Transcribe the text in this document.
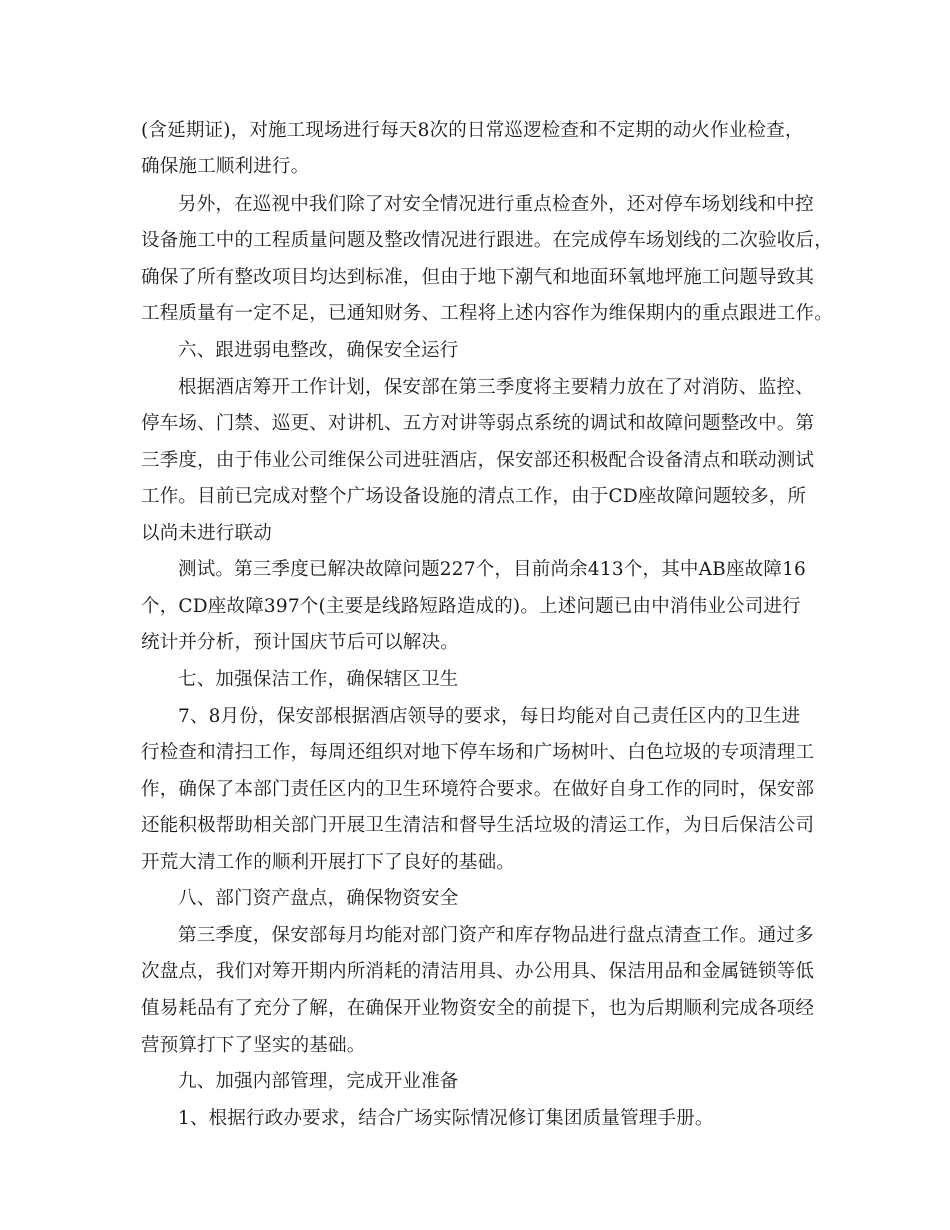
(含延期证)，对施工现场进行每天8次的日常巡逻检查和不定期的动火作业检查，
确保施工顺利进行。
另外，在巡视中我们除了对安全情况进行重点检查外，还对停车场划线和中控
设备施工中的工程质量问题及整改情况进行跟进。在完成停车场划线的二次验收后，
确保了所有整改项目均达到标准，但由于地下潮气和地面环氧地坪施工问题导致其
工程质量有一定不足，已通知财务、工程将上述内容作为维保期内的重点跟进工作。
六、跟进弱电整改，确保安全运行
根据酒店筹开工作计划，保安部在第三季度将主要精力放在了对消防、监控、
停车场、门禁、巡更、对讲机、五方对讲等弱点系统的调试和故障问题整改中。第
三季度，由于伟业公司维保公司进驻酒店，保安部还积极配合设备清点和联动测试
工作。目前已完成对整个广场设备设施的清点工作，由于CD座故障问题较多，所
以尚未进行联动
测试。第三季度已解决故障问题227个，目前尚余413个，其中AB座故障16
个，CD座故障397个(主要是线路短路造成的)。上述问题已由中消伟业公司进行
统计并分析，预计国庆节后可以解决。
七、加强保洁工作，确保辖区卫生
7、8月份，保安部根据酒店领导的要求，每日均能对自己责任区内的卫生进
行检查和清扫工作，每周还组织对地下停车场和广场树叶、白色垃圾的专项清理工
作，确保了本部门责任区内的卫生环境符合要求。在做好自身工作的同时，保安部
还能积极帮助相关部门开展卫生清洁和督导生活垃圾的清运工作，为日后保洁公司
开荒大清工作的顺利开展打下了良好的基础。
八、部门资产盘点，确保物资安全
第三季度，保安部每月均能对部门资产和库存物品进行盘点清查工作。通过多
次盘点，我们对筹开期内所消耗的清洁用具、办公用具、保洁用品和金属链锁等低
值易耗品有了充分了解，在确保开业物资安全的前提下，也为后期顺利完成各项经
营预算打下了坚实的基础。
九、加强内部管理，完成开业准备
1、根据行政办要求，结合广场实际情况修订集团质量管理手册。
